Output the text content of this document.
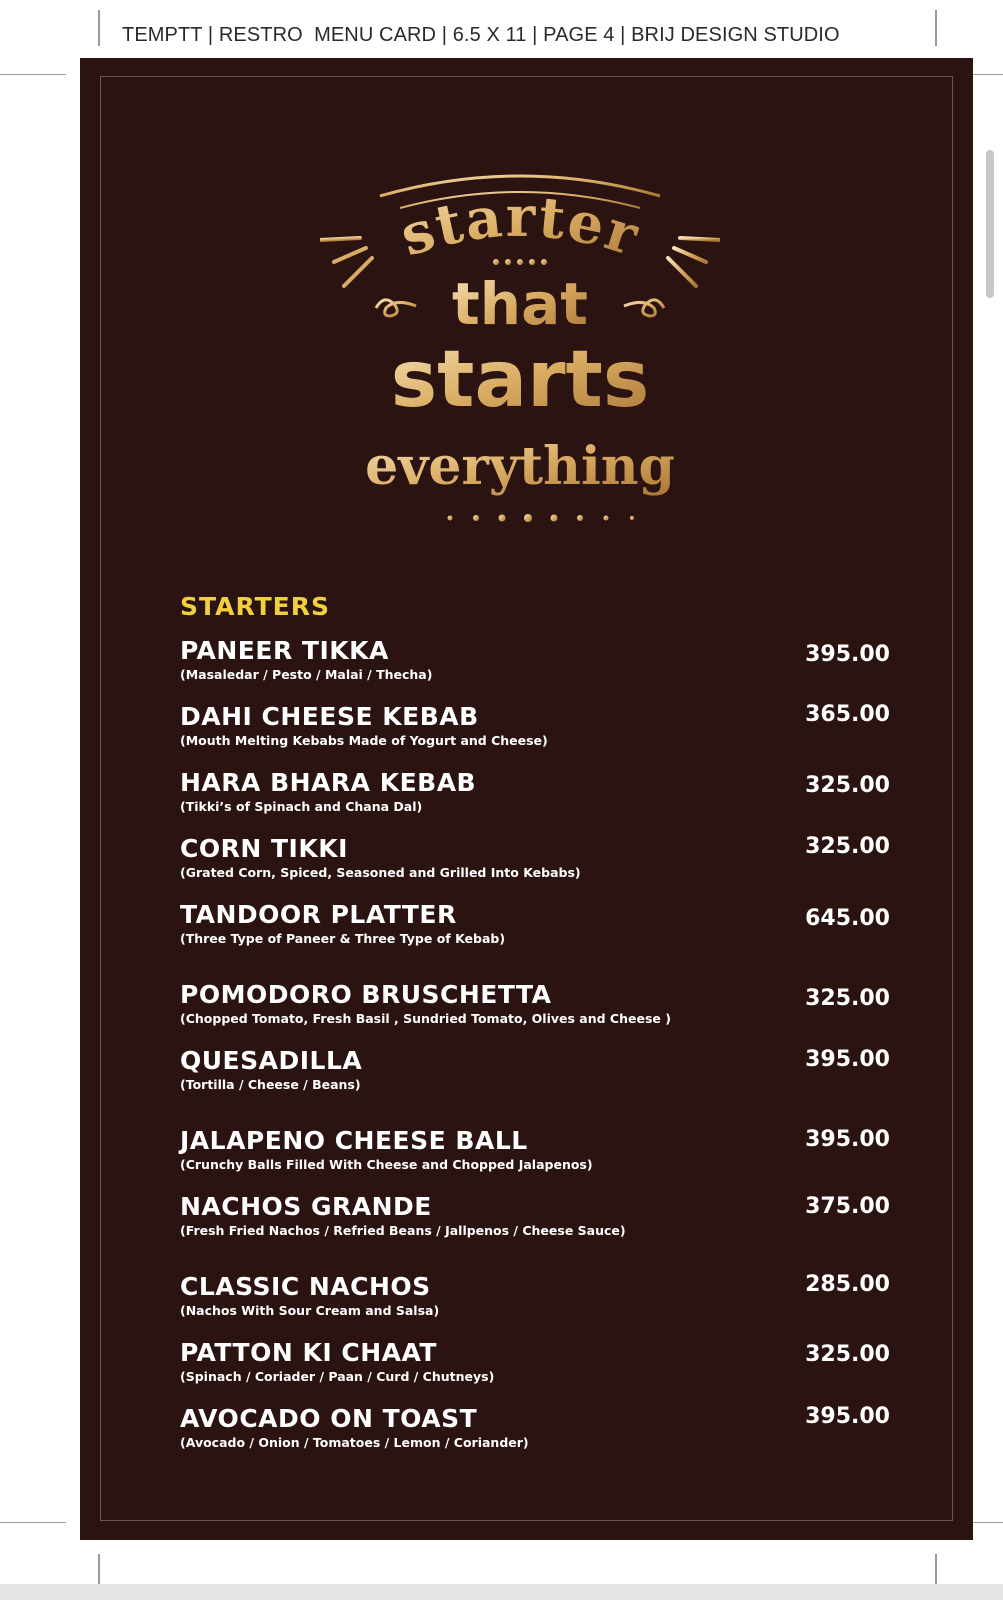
TEMPTT | RESTRO  MENU CARD | 6.5 X 11 | PAGE 4 | BRIJ DESIGN STUDIO
starter
that
starts
everything
STARTERS
PANEER TIKKA
(Masaledar / Pesto / Malai / Thecha)
395.00
DAHI CHEESE KEBAB
(Mouth Melting Kebabs Made of Yogurt and Cheese)
365.00
HARA BHARA KEBAB
(Tikki’s of Spinach and Chana Dal)
325.00
CORN TIKKI
(Grated Corn, Spiced, Seasoned and Grilled Into Kebabs)
325.00
TANDOOR PLATTER
(Three Type of Paneer & Three Type of Kebab)
645.00
POMODORO BRUSCHETTA
(Chopped Tomato, Fresh Basil , Sundried Tomato, Olives and Cheese )
325.00
QUESADILLA
(Tortilla / Cheese / Beans)
395.00
JALAPENO CHEESE BALL
(Crunchy Balls Filled With Cheese and Chopped Jalapenos)
395.00
NACHOS GRANDE
(Fresh Fried Nachos / Refried Beans / Jallpenos / Cheese Sauce)
375.00
CLASSIC NACHOS
(Nachos With Sour Cream and Salsa)
285.00
PATTON KI CHAAT
(Spinach / Coriader / Paan / Curd / Chutneys)
325.00
AVOCADO ON TOAST
(Avocado / Onion / Tomatoes / Lemon / Coriander)
395.00
